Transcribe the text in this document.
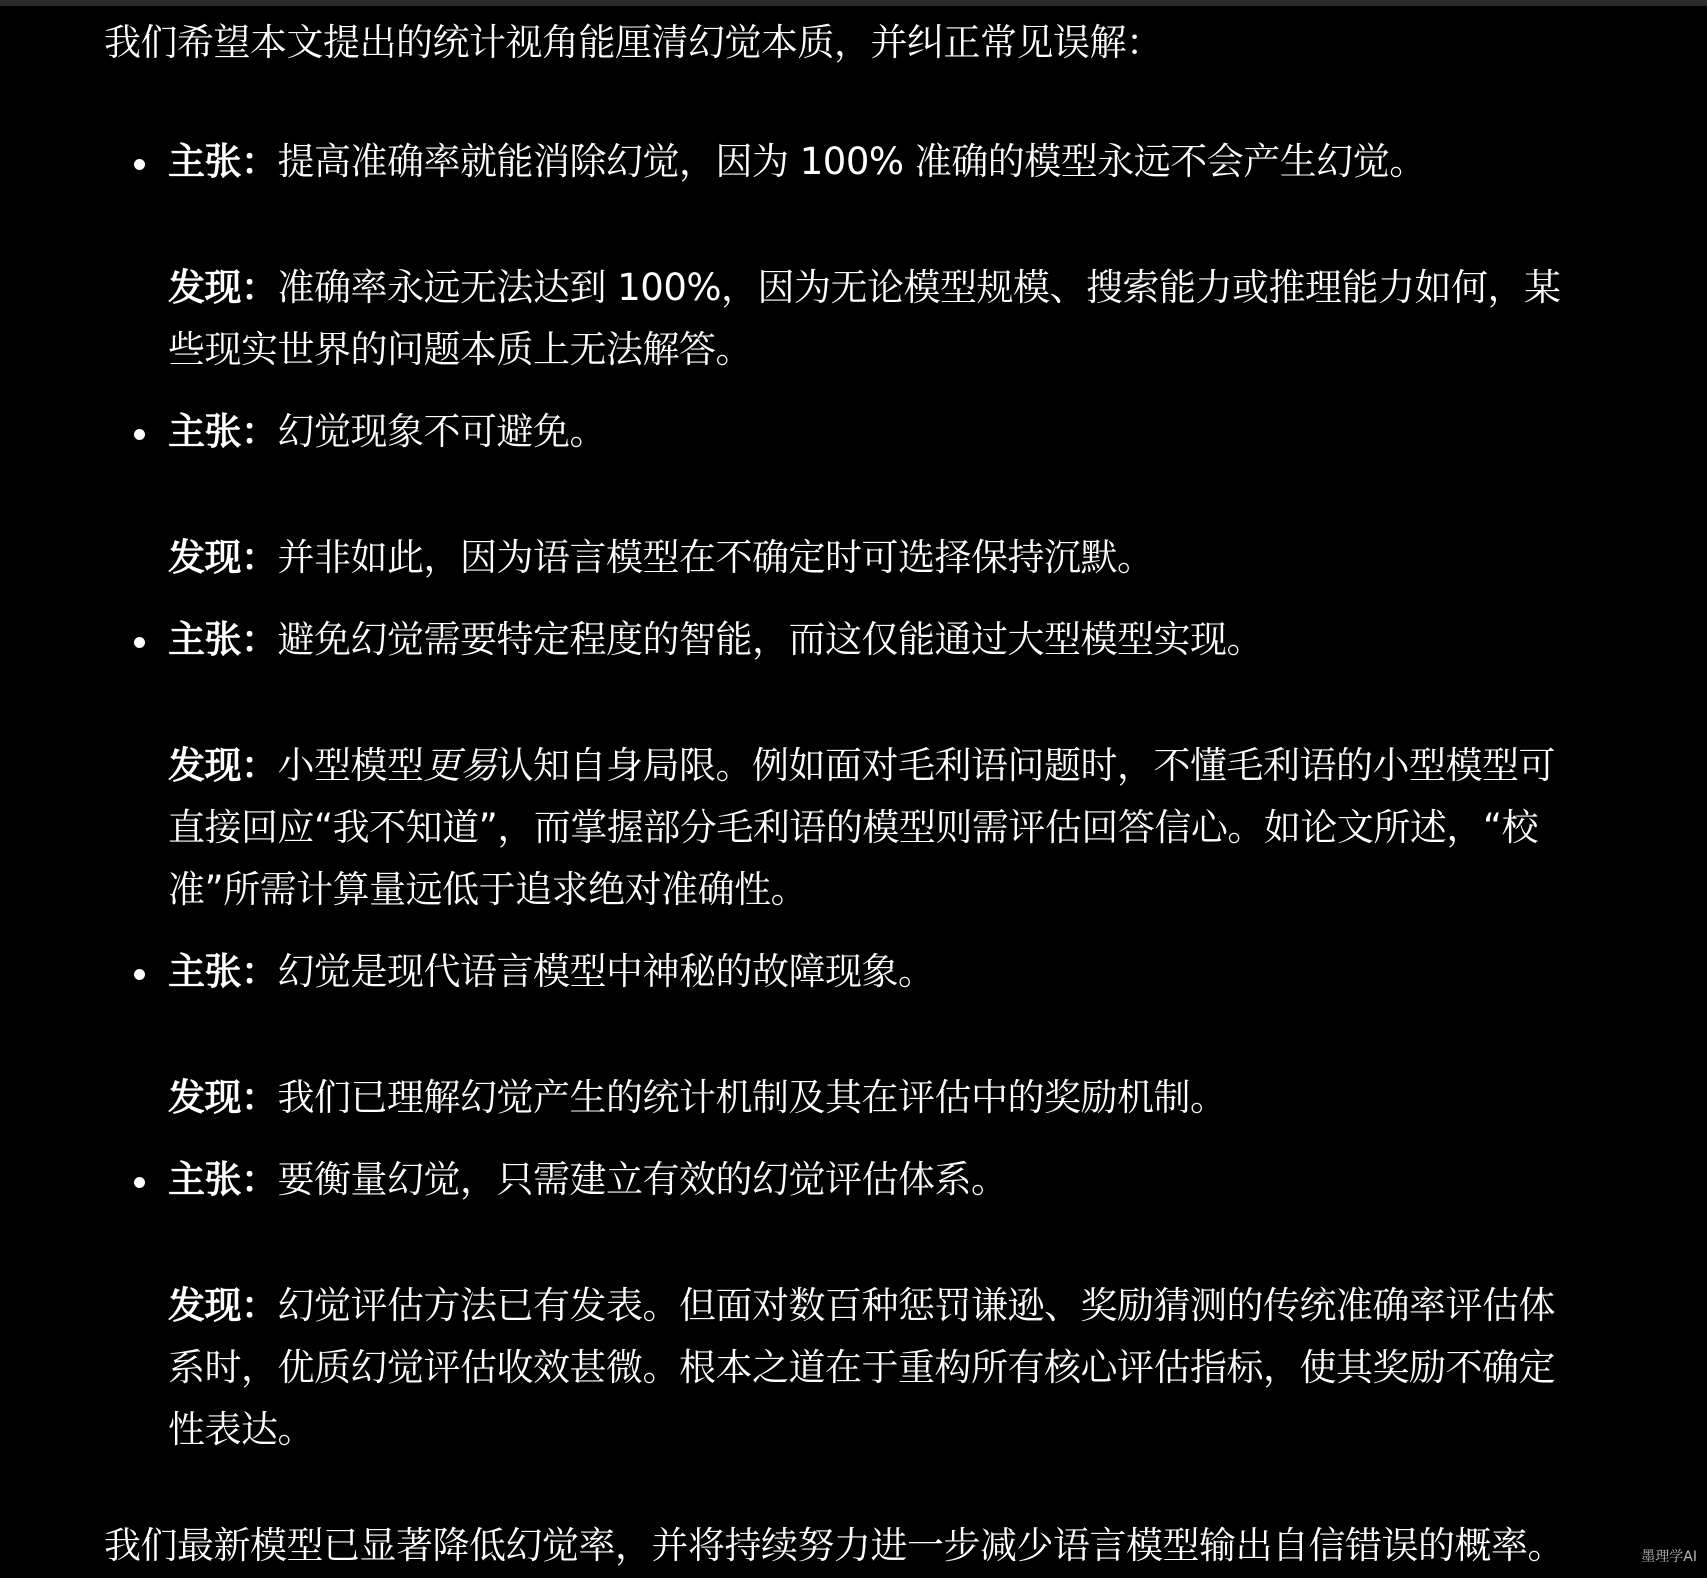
我们希望本文提出的统计视角能厘清幻觉本质，并纠正常见误解：

主张：提高准确率就能消除幻觉，因为 100% 准确的模型永远不会产生幻觉。

发现：准确率永远无法达到 100%，因为无论模型规模、搜索能力或推理能力如何，某

些现实世界的问题本质上无法解答。

主张：幻觉现象不可避免。

发现：并非如此，因为语言模型在不确定时可选择保持沉默。

主张：避免幻觉需要特定程度的智能，而这仅能通过大型模型实现。

发现：小型模型更易认知自身局限。例如面对毛利语问题时，不懂毛利语的小型模型可

直接回应“我不知道”，而掌握部分毛利语的模型则需评估回答信心。如论文所述，“校

准”所需计算量远低于追求绝对准确性。

主张：幻觉是现代语言模型中神秘的故障现象。

发现：我们已理解幻觉产生的统计机制及其在评估中的奖励机制。

主张：要衡量幻觉，只需建立有效的幻觉评估体系。

发现：幻觉评估方法已有发表。但面对数百种惩罚谦逊、奖励猜测的传统准确率评估体

系时，优质幻觉评估收效甚微。根本之道在于重构所有核心评估指标，使其奖励不确定

性表达。

我们最新模型已显著降低幻觉率，并将持续努力进一步减少语言模型输出自信错误的概率。	墨理学AI
